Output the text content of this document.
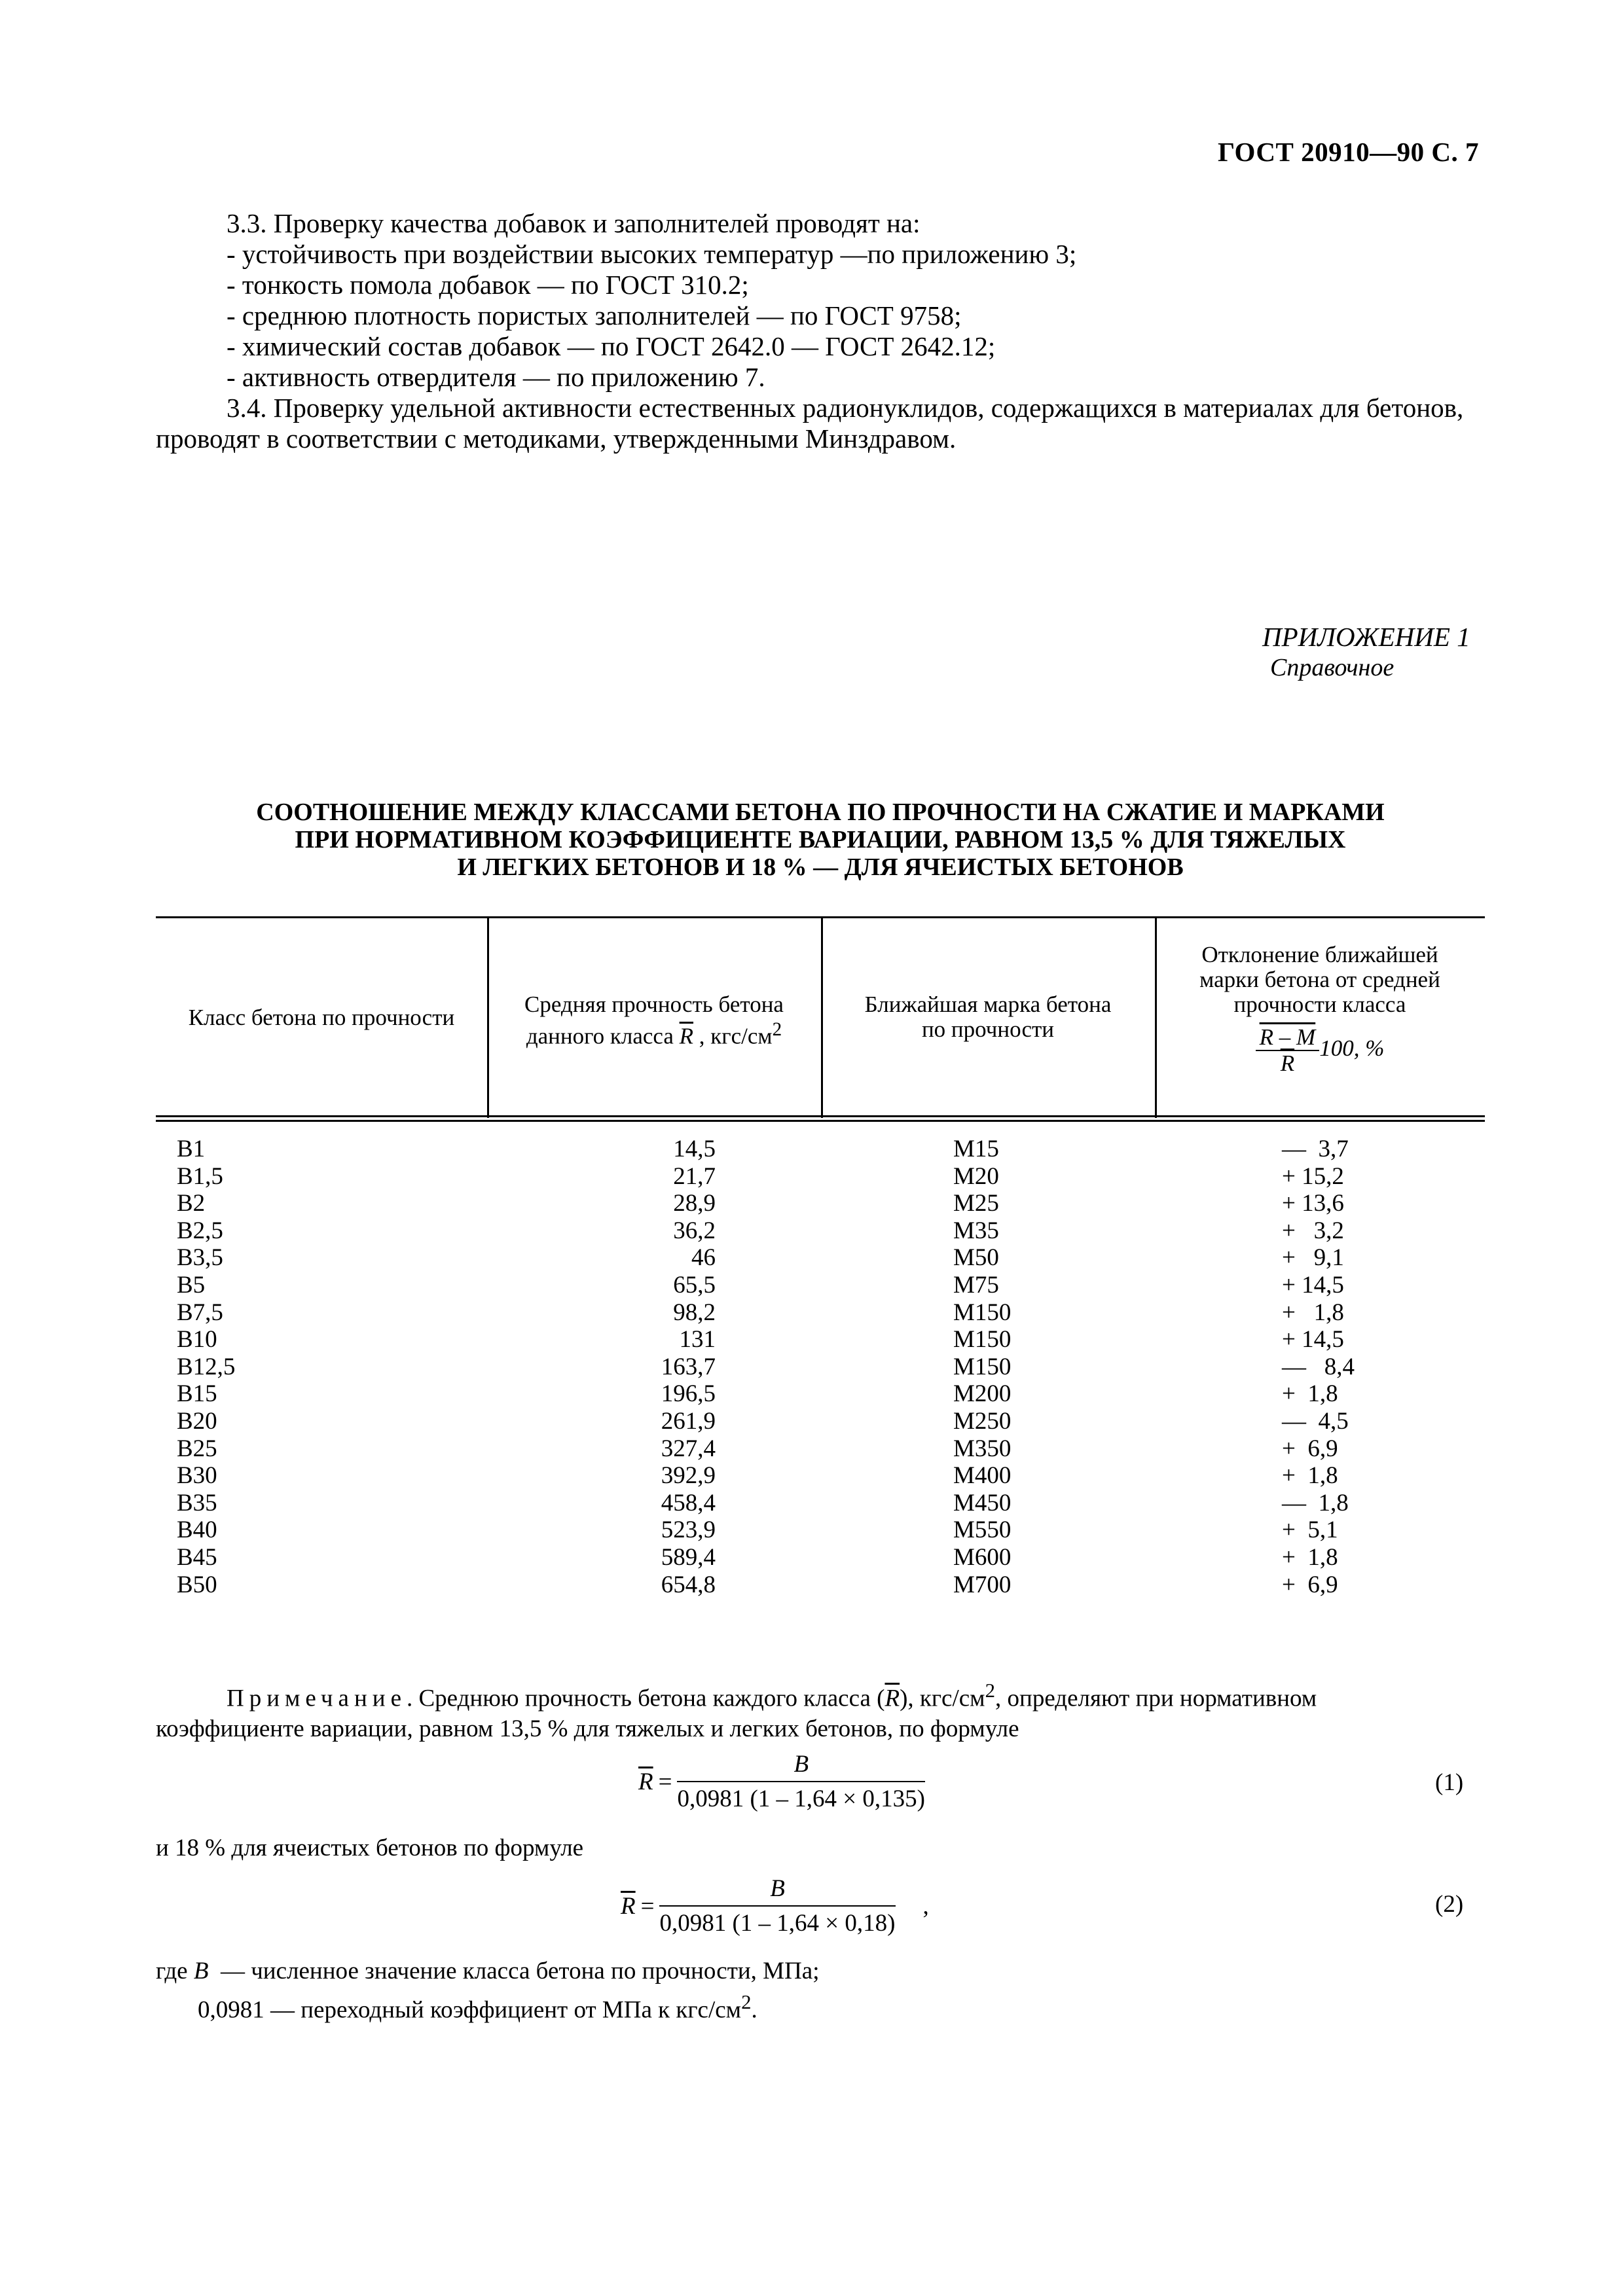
ГОСТ 20910—90 С. 7
3.3. Проверку качества добавок и заполнителей проводят на:
- устойчивость при воздействии высоких температур —по приложению 3;
- тонкость помола добавок — по ГОСТ 310.2;
- среднюю плотность пористых заполнителей — по ГОСТ 9758;
- химический состав добавок — по ГОСТ 2642.0 — ГОСТ 2642.12;
- активность отвердителя — по приложению 7.
3.4. Проверку удельной активности естественных радионуклидов, содержащихся в материалах для бетонов, проводят в соответствии с методиками, утвержденными Минздравом.
ПРИЛОЖЕНИЕ 1
Справочное
СООТНОШЕНИЕ МЕЖДУ КЛАССАМИ БЕТОНА ПО ПРОЧНОСТИ НА СЖАТИЕ И МАРКАМИ
ПРИ НОРМАТИВНОМ КОЭФФИЦИЕНТЕ ВАРИАЦИИ, РАВНОМ 13,5 % ДЛЯ ТЯЖЕЛЫХ
И ЛЕГКИХ БЕТОНОВ И 18 % — ДЛЯ ЯЧЕИСТЫХ БЕТОНОВ
Класс бетона по прочности
Средняя прочность бетона
данного класса $\overline{R}$ , кгс/$см^2$
Ближайшая марка бетона
по прочности
Отклонение ближайшей
марки бетона от средней
прочности класса
$\frac{R - M}{R} 100$, %
B1	14,5	M15	—  3,7
B1,5	21,7	M20	+ 15,2
B2	28,9	M25	+ 13,6
B2,5	36,2	M35	+   3,2
B3,5	46	M50	+   9,1
B5	65,5	M75	+ 14,5
B7,5	98,2	M150	+   1,8
B10	131	M150	+ 14,5
B12,5	163,7	M150	—   8,4
B15	196,5	M200	+  1,8
B20	261,9	M250	—  4,5
B25	327,4	M350	+  6,9
B30	392,9	M400	+  1,8
B35	458,4	M450	—  1,8
B40	523,9	M550	+  5,1
B45	589,4	M600	+  1,8
B50	654,8	M700	+  6,9
Примечание. Среднюю прочность бетона каждого класса $(\overline{R})$, кгс/$см^2$, определяют при нормативном
коэффициенте вариации, равном 13,5 % для тяжелых и легких бетонов, по формуле
$\overline{R} = \frac{B}{0,0981 (1 - 1,64 \times 0,135)}$	(1)
и 18 % для ячеистых бетонов по формуле
$\overline{R} = \frac{B}{0,0981 (1 - 1,64 \times 0,18)}$ ,	(2)
где B  — численное значение класса бетона по прочности, МПа;
0,0981 — переходный коэффициент от МПа к кгс/$см^2$.
